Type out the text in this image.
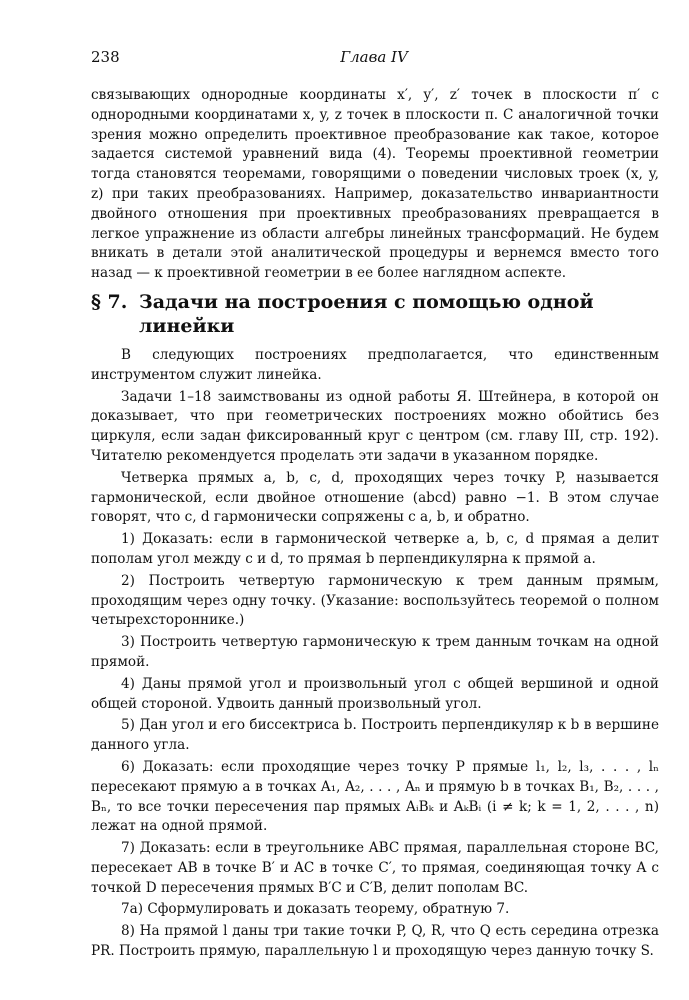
238	Глава IV

связывающих однородные координаты x′, y′, z′ точек в плоскости π′ с однородными координатами x, y, z точек в плоскости π. С аналогичной точки зрения можно определить проективное преобразование как такое, которое задается системой уравнений вида (4). Теоремы проективной геометрии тогда становятся теоремами, говорящими о поведении числовых троек (x, y, z) при таких преобразованиях. Например, доказательство инвариантности двойного отношения при проективных преобразованиях превращается в легкое упражнение из области алгебры линейных трансформаций. Не будем вникать в детали этой аналитической процедуры и вернемся вместо того назад — к проективной геометрии в ее более наглядном аспекте.

§ 7. Задачи на построения с помощью одной линейки

В следующих построениях предполагается, что единственным инструментом служит линейка.

Задачи 1–18 заимствованы из одной работы Я. Штейнера, в которой он доказывает, что при геометрических построениях можно обойтись без циркуля, если задан фиксированный круг с центром (см. главу III, стр. 192). Читателю рекомендуется проделать эти задачи в указанном порядке.

Четверка прямых a, b, c, d, проходящих через точку P, называется гармонической, если двойное отношение (abcd) равно −1. В этом случае говорят, что c, d гармонически сопряжены с a, b, и обратно.

1) Доказать: если в гармонической четверке a, b, c, d прямая a делит пополам угол между c и d, то прямая b перпендикулярна к прямой a.

2) Построить четвертую гармоническую к трем данным прямым, проходящим через одну точку. (Указание: воспользуйтесь теоремой о полном четырехстороннике.)

3) Построить четвертую гармоническую к трем данным точкам на одной прямой.

4) Даны прямой угол и произвольный угол с общей вершиной и одной общей стороной. Удвоить данный произвольный угол.

5) Дан угол и его биссектриса b. Построить перпендикуляр к b в вершине данного угла.

6) Доказать: если проходящие через точку P прямые l₁, l₂, l₃, . . . , lₙ пересекают прямую a в точках A₁, A₂, . . . , Aₙ и прямую b в точках B₁, B₂, . . . , Bₙ, то все точки пересечения пар прямых AᵢBₖ и AₖBᵢ (i ≠ k; k = 1, 2, . . . , n) лежат на одной прямой.

7) Доказать: если в треугольнике ABC прямая, параллельная стороне BC, пересекает AB в точке B′ и AC в точке C′, то прямая, соединяющая точку A с точкой D пересечения прямых B′C и C′B, делит пополам BC.

7а) Сформулировать и доказать теорему, обратную 7.

8) На прямой l даны три такие точки P, Q, R, что Q есть середина отрезка PR. Построить прямую, параллельную l и проходящую через данную точку S.
